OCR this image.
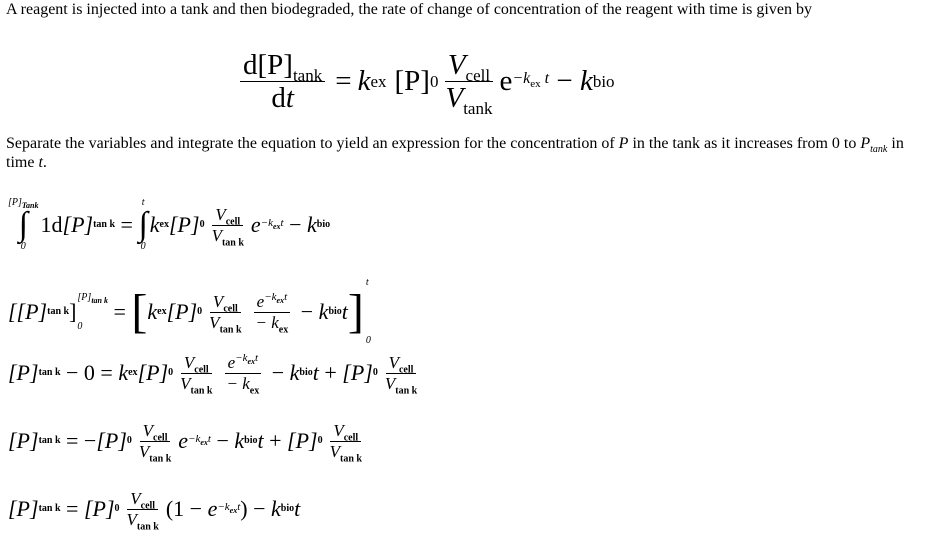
A reagent is injected into a tank and then biodegraded, the rate of change of concentration of the reagent with time is given by
$\frac{d[P]_{tank}}{dt} = k$ ex [P] $0 \frac{V_{cell}}{V_{tank}}$ $e -k_{ex}$ t − k bio
Separate the variables and integrate the equation to yield an expression for the concentration of P in the tank as it increases from 0 to $P_{tank}$ in time t.
$[P]_{Tank}$
∫
0
1d [P] tan k =
t
∫
0
k ex [P] $0 \frac{V_{cell}}{V_{tan k}}$ $e -k_{ex}t - k$ bio
[[P] tan k ]
$[P]_{tan k}$
0
= [ k ex [P] $0 \frac{V_{cell}}{V_{tan k}} \frac{e^{-k_{ex}t}}{- k_{ex}} - k$ bio t ]
t
0
[P] tan k − 0 = k ex [P] $0 \frac{V_{cell}}{V_{tan k}} \frac{e^{-k_{ex}t}}{- k_{ex}} - k$ bio t + [P] $0 \frac{V_{cell}}{V_{tan k}}$
[P] tan k = − [P] $0 \frac{V_{cell}}{V_{tan k}}$ $e -k_{ex}t - k$ bio t + [P] $0 \frac{V_{cell}}{V_{tan k}}$
[P] tan k = [P] $0 \frac{V_{cell}}{V_{tan k}} (1 - e -k_{ex}t$ ) − k bio t
